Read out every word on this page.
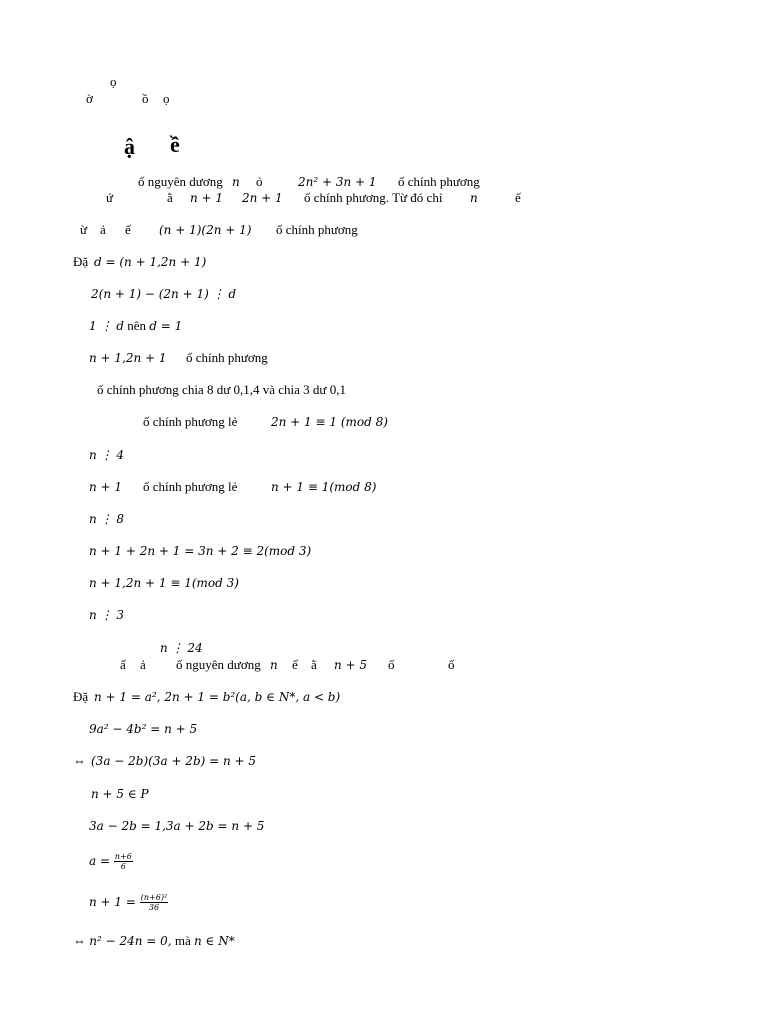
ọ
ờ	ồ ọ
ậ ề
ố nguyên dương n ỏ	2n² + 3n + 1 ố chính phương
ứ	ằ n + 1 2n + 1 ố chính phương. Từ đó chỉ n	ế
ừ ả ế (n + 1)(2n + 1) ố chính phương
Đặ d = (n + 1,2n + 1)
2(n + 1) − (2n + 1) ⋮ d
1 ⋮ d nên d = 1
n + 1,2n + 1 ố chính phương
ố chính phương chia 8 dư 0,1,4 và chia 3 dư 0,1
ố chính phương lẻ	2n + 1 ≡ 1 (mod 8)
n ⋮ 4
n + 1 ố chính phương lẻ	n + 1 ≡ 1(mod 8)
n ⋮ 8
n + 1 + 2n + 1 = 3n + 2 ≡ 2(mod 3)
n + 1,2n + 1 ≡ 1(mod 3)
n ⋮ 3
n ⋮ 24
ấ ả ố nguyên dương n ể ằ n + 5 ố	ố
Đặ n + 1 = a², 2n + 1 = b²(a, b ∈ N*, a < b)
9a² − 4b² = n + 5
⇔ (3a − 2b)(3a + 2b) = n + 5
n + 5 ∈ P
3a − 2b = 1,3a + 2b = n + 5
$a = \frac{n+6}{6}$
$n + 1 = \frac{\text{(n+6)²}}{36}$
⇔ n² − 24n = 0, mà n ∈ N*
